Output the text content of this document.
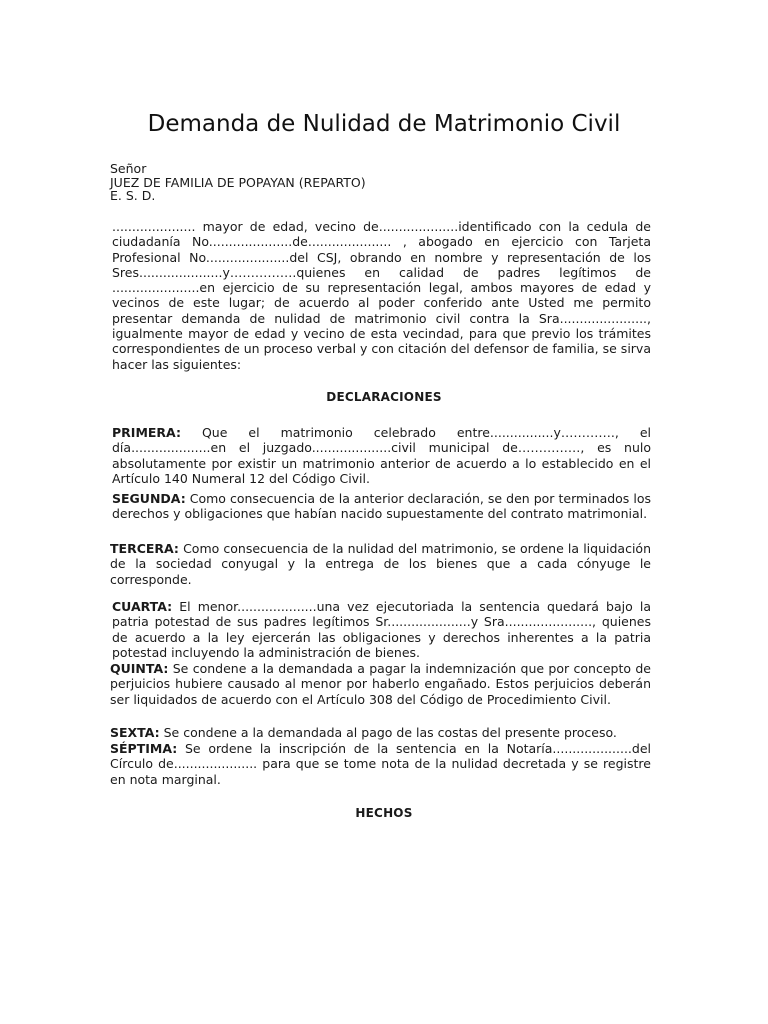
Demanda de Nulidad de Matrimonio Civil
Señor
JUEZ DE FAMILIA DE POPAYAN (REPARTO)
E. S. D.
..................... mayor de edad, vecino de....................identificado con la cedula de ciudadanía No.....................de..................... , abogado en ejercicio con Tarjeta Profesional No.....................del CSJ, obrando en nombre y representación de los Sres.....................y…………….quienes en calidad de padres legítimos de ......................en ejercicio de su representación legal, ambos mayores de edad y vecinos de este lugar; de acuerdo al poder conferido ante Usted me permito presentar demanda de nulidad de matrimonio civil contra la Sra......................, igualmente mayor de edad y vecino de esta vecindad, para que previo los trámites correspondientes de un proceso verbal y con citación del defensor de familia, se sirva hacer las siguientes:
DECLARACIONES
PRIMERA: Que el matrimonio celebrado entre................y…………., el día....................en el juzgado....................civil municipal de……………, es nulo absolutamente por existir un matrimonio anterior de acuerdo a lo establecido en el Artículo 140 Numeral 12 del Código Civil.
SEGUNDA: Como consecuencia de la anterior declaración, se den por terminados los derechos y obligaciones que habían nacido supuestamente del contrato matrimonial.
TERCERA: Como consecuencia de la nulidad del matrimonio, se ordene la liquidación de la sociedad conyugal y la entrega de los bienes que a cada cónyuge le corresponde.
CUARTA: El menor....................una vez ejecutoriada la sentencia quedará bajo la patria potestad de sus padres legítimos Sr.....................y Sra......................, quienes de acuerdo a la ley ejercerán las obligaciones y derechos inherentes a la patria potestad incluyendo la administración de bienes.
QUINTA: Se condene a la demandada a pagar la indemnización que por concepto de perjuicios hubiere causado al menor por haberlo engañado. Estos perjuicios deberán ser liquidados de acuerdo con el Artículo 308 del Código de Procedimiento Civil.
SEXTA: Se condene a la demandada al pago de las costas del presente proceso.
SÉPTIMA: Se ordene la inscripción de la sentencia en la Notaría....................del Círculo de..................... para que se tome nota de la nulidad decretada y se registre en nota marginal.
HECHOS
